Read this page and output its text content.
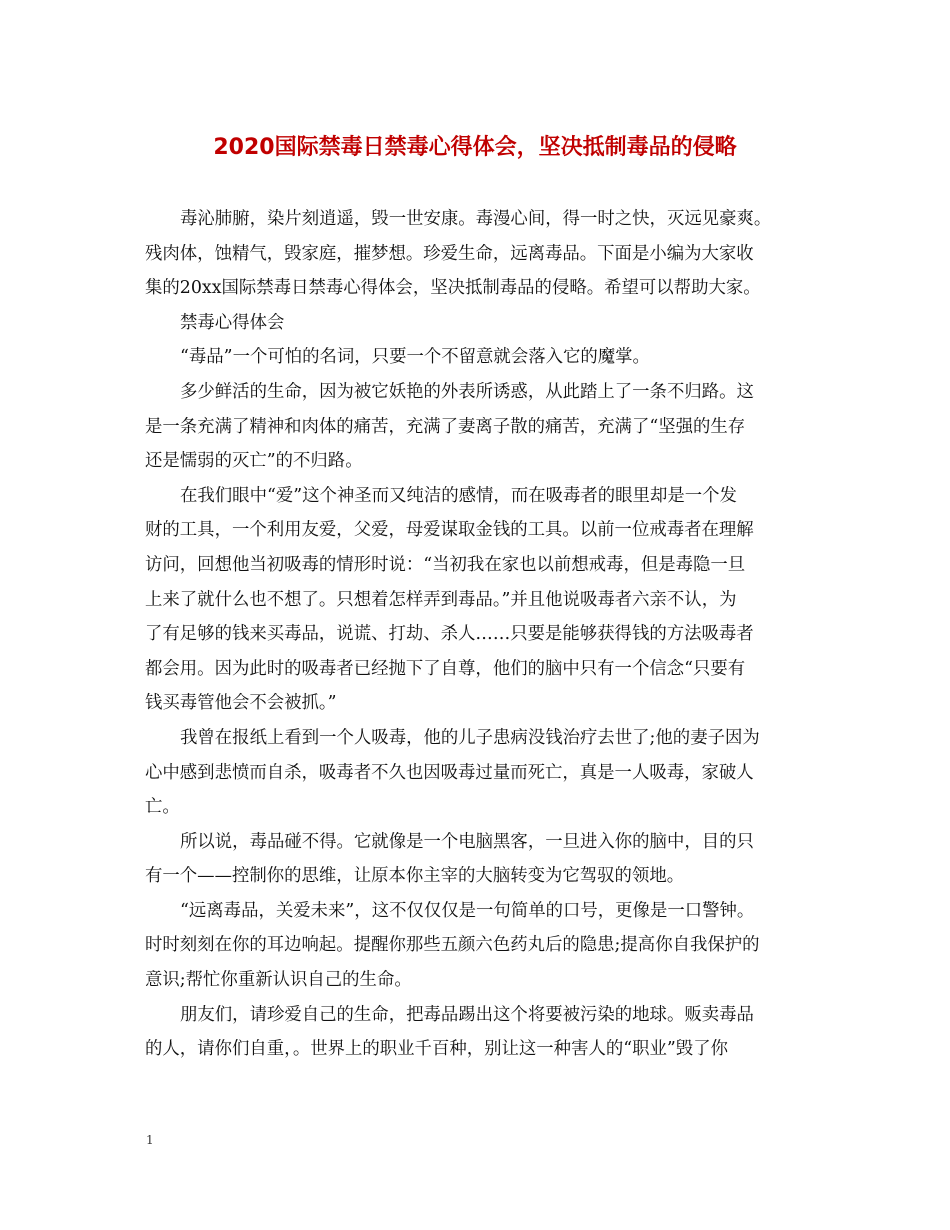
2020国际禁毒日禁毒心得体会，坚决抵制毒品的侵略

毒沁肺腑，染片刻逍遥，毁一世安康。毒漫心间，得一时之快，灭远见豪爽。
残肉体，蚀精气，毁家庭，摧梦想。珍爱生命，远离毒品。下面是小编为大家收
集的20xx国际禁毒日禁毒心得体会，坚决抵制毒品的侵略。希望可以帮助大家。

禁毒心得体会

“毒品”一个可怕的名词，只要一个不留意就会落入它的魔掌。

多少鲜活的生命，因为被它妖艳的外表所诱惑，从此踏上了一条不归路。这
是一条充满了精神和肉体的痛苦，充满了妻离子散的痛苦，充满了“坚强的生存
还是懦弱的灭亡”的不归路。

在我们眼中“爱”这个神圣而又纯洁的感情，而在吸毒者的眼里却是一个发
财的工具，一个利用友爱，父爱，母爱谋取金钱的工具。以前一位戒毒者在理解
访问，回想他当初吸毒的情形时说：“当初我在家也以前想戒毒，但是毒隐一旦
上来了就什么也不想了。只想着怎样弄到毒品。”并且他说吸毒者六亲不认，为
了有足够的钱来买毒品，说谎、打劫、杀人……只要是能够获得钱的方法吸毒者
都会用。因为此时的吸毒者已经抛下了自尊，他们的脑中只有一个信念“只要有
钱买毒管他会不会被抓。”

我曾在报纸上看到一个人吸毒，他的儿子患病没钱治疗去世了;他的妻子因为
心中感到悲愤而自杀，吸毒者不久也因吸毒过量而死亡，真是一人吸毒，家破人
亡。

所以说，毒品碰不得。它就像是一个电脑黑客，一旦进入你的脑中，目的只
有一个——控制你的思维，让原本你主宰的大脑转变为它驾驭的领地。

“远离毒品，关爱未来”，这不仅仅仅是一句简单的口号，更像是一口警钟。
时时刻刻在你的耳边响起。提醒你那些五颜六色药丸后的隐患;提高你自我保护的
意识;帮忙你重新认识自己的生命。

朋友们，请珍爱自己的生命，把毒品踢出这个将要被污染的地球。贩卖毒品
的人，请你们自重，。世界上的职业千百种，别让这一种害人的“职业”毁了你

1
